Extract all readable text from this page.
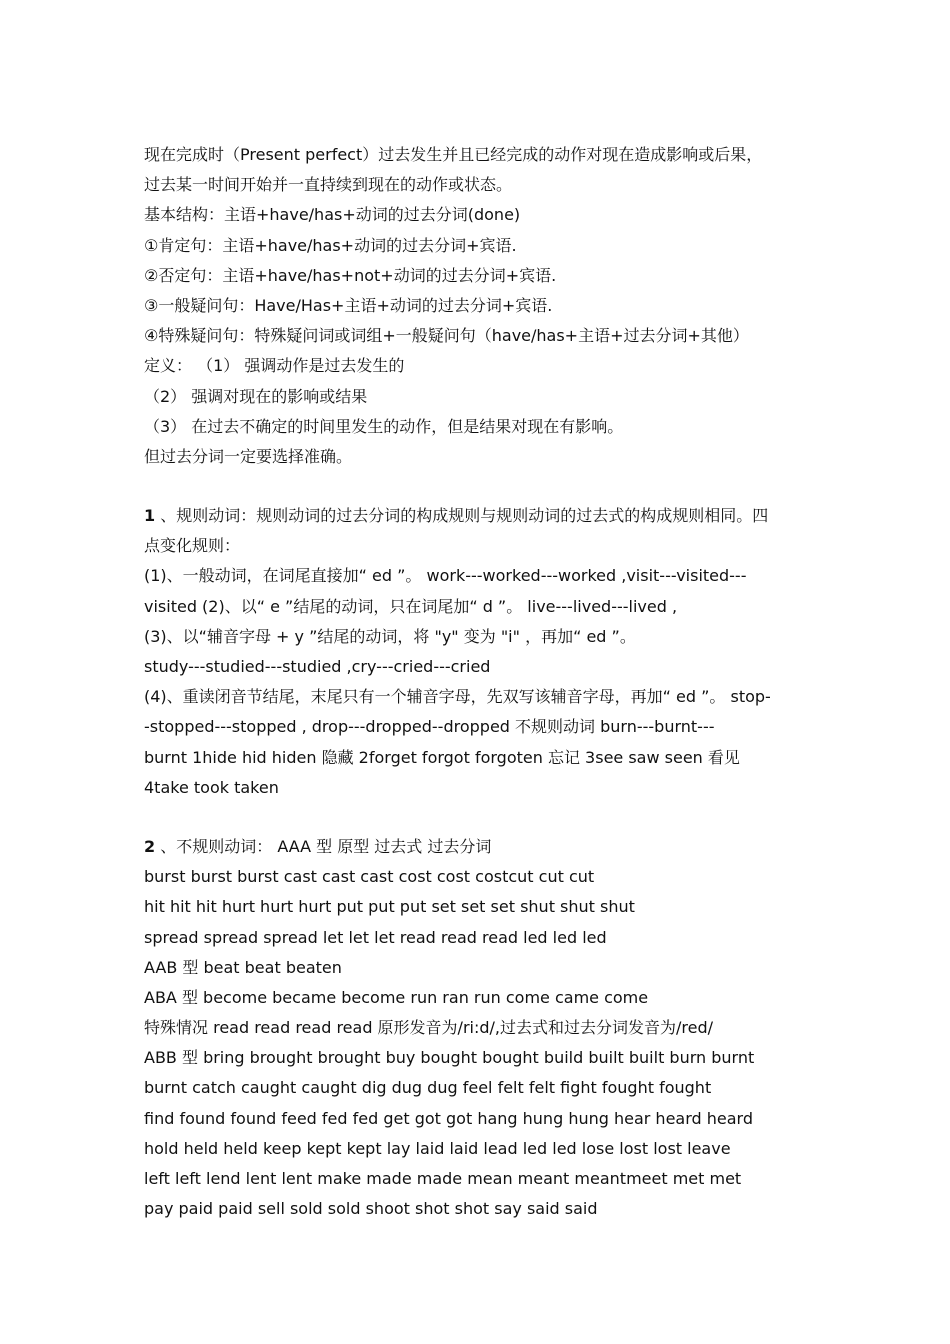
现在完成时（Present perfect）过去发生并且已经完成的动作对现在造成影响或后果，
过去某一时间开始并一直持续到现在的动作或状态。
基本结构：主语+have/has+动词的过去分词(done)
①肯定句：主语+have/has+动词的过去分词+宾语.
②否定句：主语+have/has+not+动词的过去分词+宾语.
③一般疑问句：Have/Has+主语+动词的过去分词+宾语.
④特殊疑问句：特殊疑问词或词组+一般疑问句（have/has+主语+过去分词+其他）
定义： （1） 强调动作是过去发生的
（2） 强调对现在的影响或结果
（3） 在过去不确定的时间里发生的动作，但是结果对现在有影响。
但过去分词一定要选择准确。
1 、规则动词：规则动词的过去分词的构成规则与规则动词的过去式的构成规则相同。四
点变化规则：
(1)、一般动词，在词尾直接加“ ed ”。 work---worked---worked ,visit---visited---
visited (2)、以“ e ”结尾的动词，只在词尾加“ d ”。 live---lived---lived ,
(3)、以“辅音字母 + y ”结尾的动词，将 "y" 变为 "i" ，再加“ ed ”。
study---studied---studied ,cry---cried---cried
(4)、重读闭音节结尾，末尾只有一个辅音字母，先双写该辅音字母，再加“ ed ”。 stop-
-stopped---stopped , drop---dropped--dropped 不规则动词 burn---burnt---
burnt 1hide hid hiden 隐藏 2forget forgot forgoten 忘记 3see saw seen 看见
4take took taken
2 、不规则动词： AAA 型 原型 过去式 过去分词
burst burst burst cast cast cast cost cost costcut cut cut
hit hit hit hurt hurt hurt put put put set set set shut shut shut
spread spread spread let let let read read read led led led
AAB 型 beat beat beaten
ABA 型 become became become run ran run come came come
特殊情况 read read read read 原形发音为/ri:d/,过去式和过去分词发音为/red/
ABB 型 bring brought brought buy bought bought build built built burn burnt
burnt catch caught caught dig dug dug feel felt felt fight fought fought
find found found feed fed fed get got got hang hung hung hear heard heard
hold held held keep kept kept lay laid laid lead led led lose lost lost leave
left left lend lent lent make made made mean meant meantmeet met met
pay paid paid sell sold sold shoot shot shot say said said
